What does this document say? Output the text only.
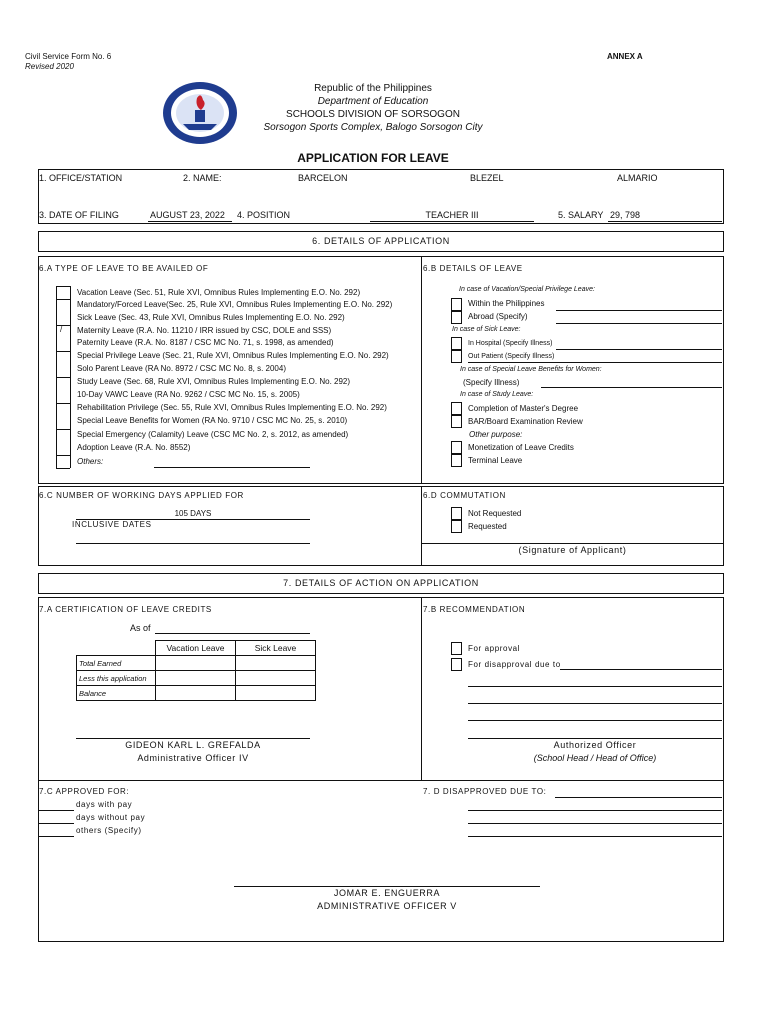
Civil Service Form No. 6
Revised 2020
ANNEX A
Republic of the Philippines
Department of Education
SCHOOLS DIVISION OF SORSOGON
Sorsogon Sports Complex, Balogo Sorsogon City
APPLICATION FOR LEAVE
1. OFFICE/STATION	2. NAME:	BARCELON	BLEZEL	ALMARIO
3. DATE OF FILING	AUGUST 23, 2022	4. POSITION	TEACHER III	5. SALARY 29, 798
6. DETAILS OF APPLICATION
6.A TYPE OF LEAVE TO BE AVAILED OF	6.B DETAILS OF LEAVE
/
Vacation Leave (Sec. 51, Rule XVI, Omnibus Rules Implementing E.O. No. 292)
Mandatory/Forced Leave(Sec. 25, Rule XVI, Omnibus Rules Implementing E.O. No. 292)
Sick Leave (Sec. 43, Rule XVI, Omnibus Rules Implementing E.O. No. 292)
Maternity Leave (R.A. No. 11210 / IRR issued by CSC, DOLE and SSS)
Paternity Leave (R.A. No. 8187 / CSC MC No. 71, s. 1998, as amended)
Special Privilege Leave (Sec. 21, Rule XVI, Omnibus Rules Implementing E.O. No. 292)
Solo Parent Leave (RA No. 8972 / CSC MC No. 8, s. 2004)
Study Leave (Sec. 68, Rule XVI, Omnibus Rules Implementing E.O. No. 292)
10-Day VAWC Leave (RA No. 9262 / CSC MC No. 15, s. 2005)
Rehabilitation Privilege (Sec. 55, Rule XVI, Omnibus Rules Implementing E.O. No. 292)
Special Leave Benefits for Women (RA No. 9710 / CSC MC No. 25, s. 2010)
Special Emergency (Calamity) Leave (CSC MC No. 2, s. 2012, as amended)
Adoption Leave (R.A. No. 8552)
Others:
In case of Vacation/Special Privilege Leave:
Within the Philippines
Abroad (Specify)
In case of Sick Leave:
In Hospital (Specify Illness)
Out Patient (Specify Illness)
In case of Special Leave Benefits for Women:
(Specify Illness)
In case of Study Leave:
Completion of Master's Degree
BAR/Board Examination Review
Other purpose:
Monetization of Leave Credits
Terminal Leave
6.C NUMBER OF WORKING DAYS APPLIED FOR
105 DAYS
INCLUSIVE DATES
6.D COMMUTATION
Not Requested
Requested
(Signature of Applicant)
7. DETAILS OF ACTION ON APPLICATION
7.A CERTIFICATION OF LEAVE CREDITS
As of
	Vacation Leave	Sick Leave
Total Earned		
Less this application		
Balance		
GIDEON KARL L. GREFALDA
Administrative Officer IV
7.B RECOMMENDATION
For approval
For disapproval due to
Authorized Officer
(School Head / Head of Office)
7.C APPROVED FOR:
days with pay
days without pay
others (Specify)
7. D DISAPPROVED DUE TO:
JOMAR E. ENGUERRA
ADMINISTRATIVE OFFICER V
